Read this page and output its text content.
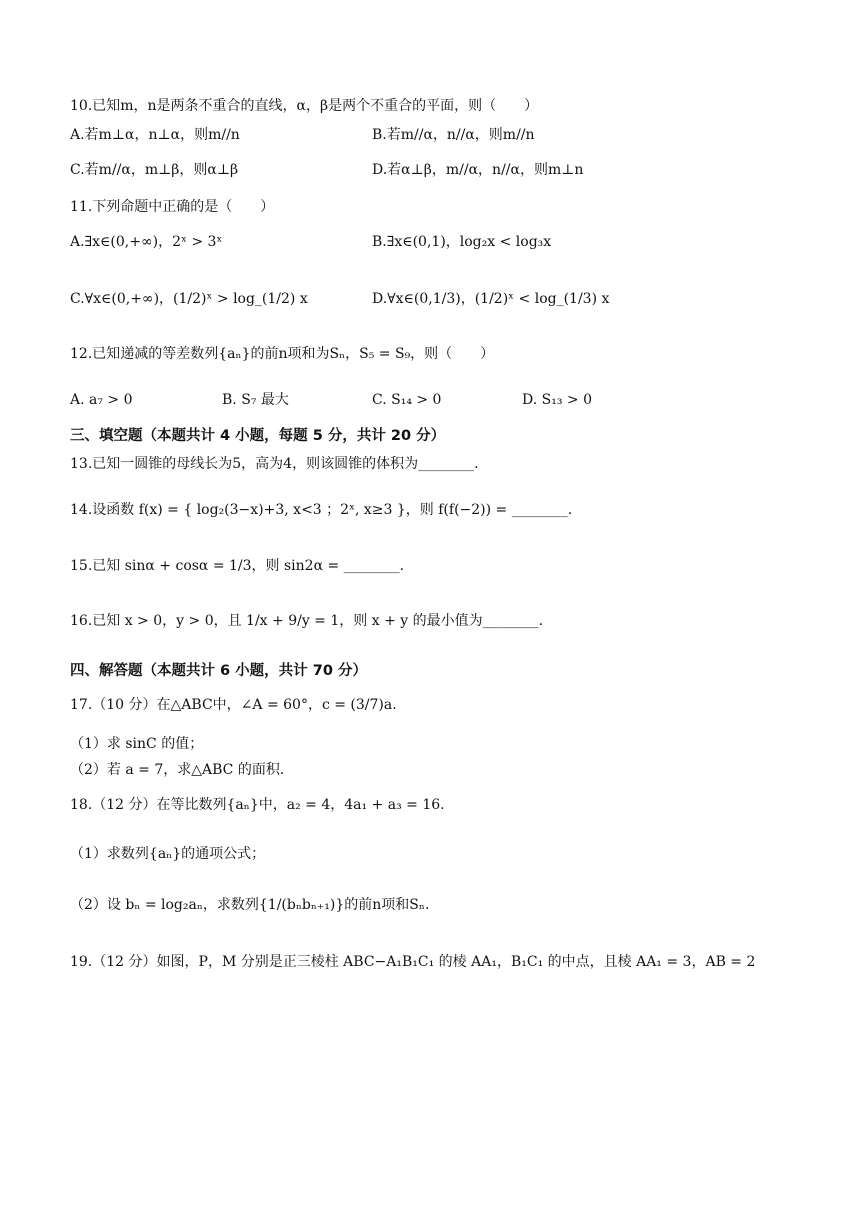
10.已知m，n是两条不重合的直线，α，β是两个不重合的平面，则（　　）
A.若m⊥α，n⊥α，则m//n	B.若m//α，n//α，则m//n
C.若m//α，m⊥β，则α⊥β	D.若α⊥β，m//α，n//α，则m⊥n
11.下列命题中正确的是（　　）
A.∃x∈(0,+∞)，2ˣ > 3ˣ	B.∃x∈(0,1)，log₂x < log₃x
C.∀x∈(0,+∞)，(1/2)ˣ > log_(1/2) x	D.∀x∈(0,1/3)，(1/2)ˣ < log_(1/3) x
12.已知递减的等差数列{aₙ}的前n项和为Sₙ，S₅ = S₉，则（　　）
A. a₇ > 0	B. S₇ 最大	C. S₁₄ > 0	D. S₁₃ > 0
三、填空题（本题共计 4 小题，每题 5 分，共计 20 分）
13.已知一圆锥的母线长为5，高为4，则该圆锥的体积为________.
14.设函数 f(x) = { log₂(3−x)+3, x<3 ；2ˣ, x≥3 }，则 f(f(−2)) = ________.
15.已知 sinα + cosα = 1/3，则 sin2α = ________.
16.已知 x > 0，y > 0，且 1/x + 9/y = 1，则 x + y 的最小值为________.
四、解答题（本题共计 6 小题，共计 70 分）
17.（10 分）在△ABC中，∠A = 60°，c = (3/7)a.
（1）求 sinC 的值；
（2）若 a = 7，求△ABC 的面积.
18.（12 分）在等比数列{aₙ}中，a₂ = 4，4a₁ + a₃ = 16.
（1）求数列{aₙ}的通项公式；
（2）设 bₙ = log₂aₙ，求数列{1/(bₙbₙ₊₁)}的前n项和Sₙ.
19.（12 分）如图，P，M 分别是正三棱柱 ABC−A₁B₁C₁ 的棱 AA₁，B₁C₁ 的中点，且棱 AA₁ = 3，AB = 2
